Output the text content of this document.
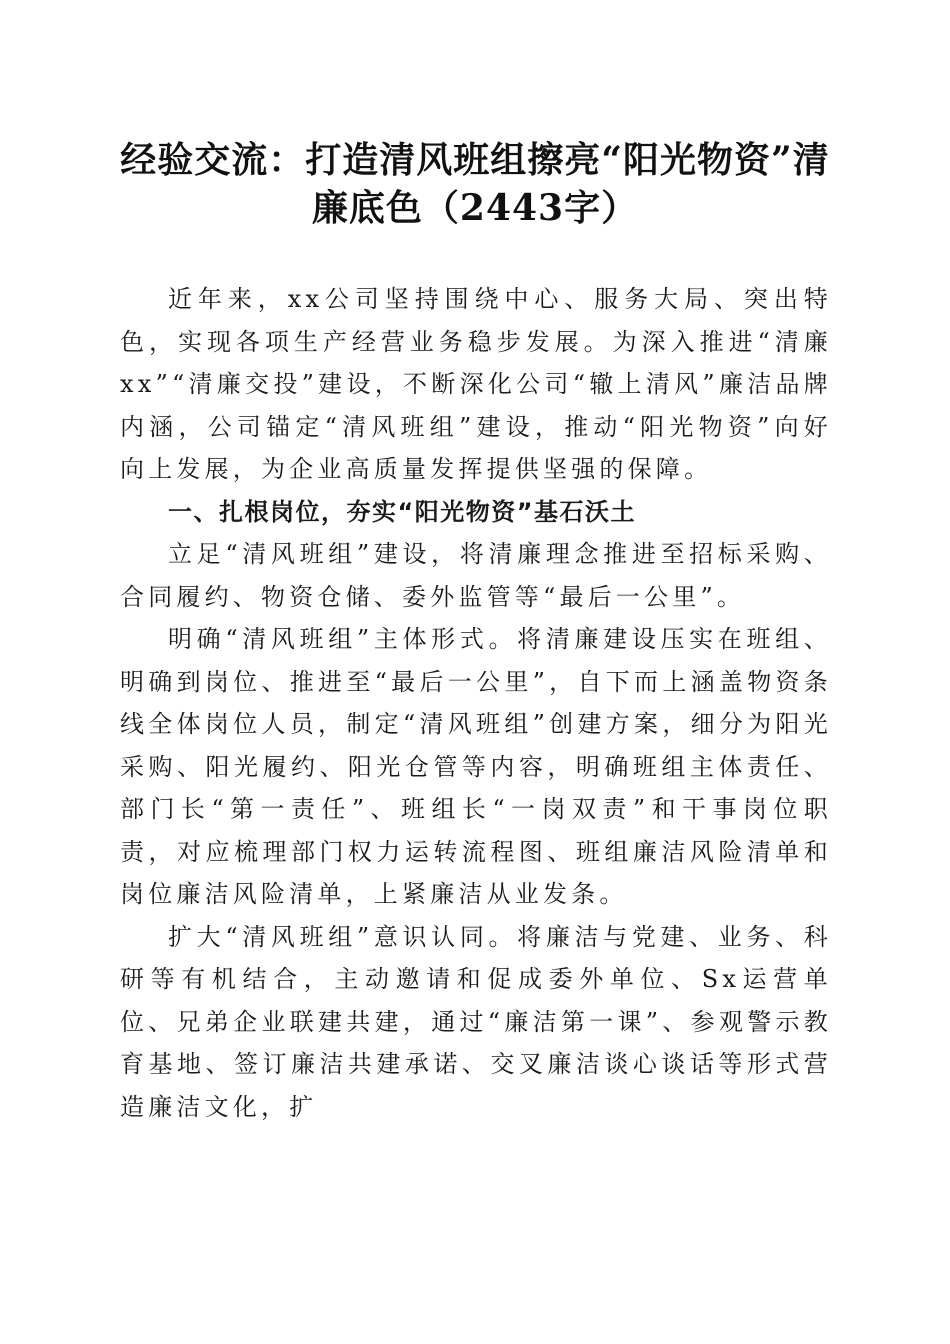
经验交流：打造清风班组擦亮“阳光物资”清廉底色（2443字）

近年来，xx公司坚持围绕中心、服务大局、突出特色，实现各项生产经营业务稳步发展。为深入推进“清廉xx”“清廉交投”建设，不断深化公司“辙上清风”廉洁品牌内涵，公司锚定“清风班组”建设，推动“阳光物资”向好向上发展，为企业高质量发挥提供坚强的保障。

一、扎根岗位，夯实“阳光物资”基石沃土

立足“清风班组”建设，将清廉理念推进至招标采购、合同履约、物资仓储、委外监管等“最后一公里”。

明确“清风班组”主体形式。将清廉建设压实在班组、明确到岗位、推进至“最后一公里”，自下而上涵盖物资条线全体岗位人员，制定“清风班组”创建方案，细分为阳光采购、阳光履约、阳光仓管等内容，明确班组主体责任、部门长“第一责任”、班组长“一岗双责”和干事岗位职责，对应梳理部门权力运转流程图、班组廉洁风险清单和岗位廉洁风险清单，上紧廉洁从业发条。

扩大“清风班组”意识认同。将廉洁与党建、业务、科研等有机结合，主动邀请和促成委外单位、Sx运营单位、兄弟企业联建共建，通过“廉洁第一课”、参观警示教育基地、签订廉洁共建承诺、交叉廉洁谈心谈话等形式营造廉洁文化，扩
